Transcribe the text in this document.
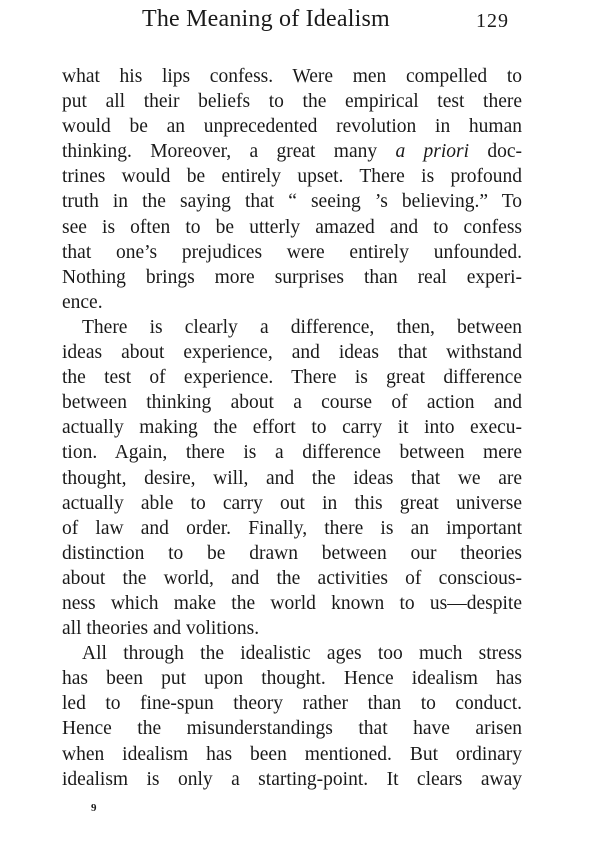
The Meaning of Idealism	129
what his lips confess. Were men compelled to
put all their beliefs to the empirical test there
would be an unprecedented revolution in human
thinking. Moreover, a great many a priori doc-
trines would be entirely upset. There is profound
truth in the saying that “ seeing ’s believing.” To
see is often to be utterly amazed and to confess
that one’s prejudices were entirely unfounded.
Nothing brings more surprises than real experi-
ence.
There is clearly a difference, then, between
ideas about experience, and ideas that withstand
the test of experience. There is great difference
between thinking about a course of action and
actually making the effort to carry it into execu-
tion. Again, there is a difference between mere
thought, desire, will, and the ideas that we are
actually able to carry out in this great universe
of law and order. Finally, there is an important
distinction to be drawn between our theories
about the world, and the activities of conscious-
ness which make the world known to us—despite
all theories and volitions.
All through the idealistic ages too much stress
has been put upon thought. Hence idealism has
led to fine-spun theory rather than to conduct.
Hence the misunderstandings that have arisen
when idealism has been mentioned. But ordinary
idealism is only a starting-point. It clears away
9
